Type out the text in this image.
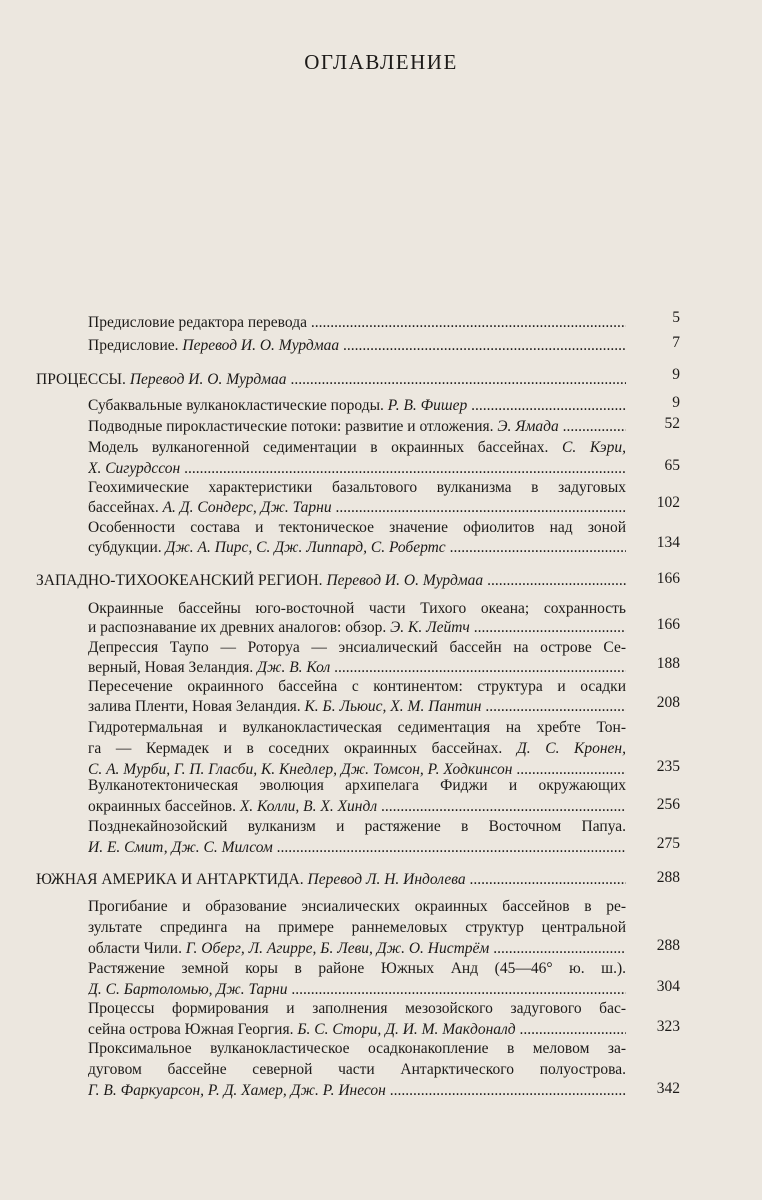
ОГЛАВЛЕНИЕ
Предисловие редактора перевода .....	5
Предисловие. Перевод И. О. Мурдмаа .....	7
ПРОЦЕССЫ. Перевод И. О. Мурдмаа .....	9
Субаквальные вулканокластические породы. Р. В. Фишер .....	9
Подводные пирокластические потоки: развитие и отложения. Э. Ямада .....	52
Модель вулканогенной седиментации в окраинных бассейнах. С. Кэри,
Х. Сигурдссон .....	65
Геохимические характеристики базальтового вулканизма в задуговых
бассейнах. А. Д. Сондерс, Дж. Тарни .....	102
Особенности состава и тектоническое значение офиолитов над зоной
субдукции. Дж. А. Пирс, С. Дж. Липпард, С. Робертс .....	134
ЗАПАДНО-ТИХООКЕАНСКИЙ РЕГИОН. Перевод И. О. Мурдмаа .....	166
Окраинные бассейны юго-восточной части Тихого океана; сохранность
и распознавание их древних аналогов: обзор. Э. К. Лейтч .....	166
Депрессия Таупо — Роторуа — энсиалический бассейн на острове Се-
верный, Новая Зеландия. Дж. В. Кол .....	188
Пересечение окраинного бассейна с континентом: структура и осадки
залива Пленти, Новая Зеландия. К. Б. Льюис, Х. М. Пантин .....	208
Гидротермальная и вулканокластическая седиментация на хребте Тон-
га — Кермадек и в соседних окраинных бассейнах. Д. С. Кронен,
С. А. Мурби, Г. П. Гласби, К. Кнедлер, Дж. Томсон, Р. Ходкинсон .....	235
Вулканотектоническая эволюция архипелага Фиджи и окружающих
окраинных бассейнов. Х. Колли, В. Х. Хиндл .....	256
Позднекайнозойский вулканизм и растяжение в Восточном Папуа.
И. Е. Смит, Дж. С. Милсом .....	275
ЮЖНАЯ АМЕРИКА И АНТАРКТИДА. Перевод Л. Н. Индолева .....	288
Прогибание и образование энсиалических окраинных бассейнов в ре-
зультате спрединга на примере раннемеловых структур центральной
области Чили. Г. Оберг, Л. Агирре, Б. Леви, Дж. О. Нистрём .....	288
Растяжение земной коры в районе Южных Анд (45—46° ю. ш.).
Д. С. Бартоломью, Дж. Тарни .....	304
Процессы формирования и заполнения мезозойского задугового бас-
сейна острова Южная Георгия. Б. С. Стори, Д. И. М. Макдоналд .....	323
Проксимальное вулканокластическое осадконакопление в меловом за-
дуговом бассейне северной части Антарктического полуострова.
Г. В. Фаркуарсон, Р. Д. Хамер, Дж. Р. Инесон .....	342
